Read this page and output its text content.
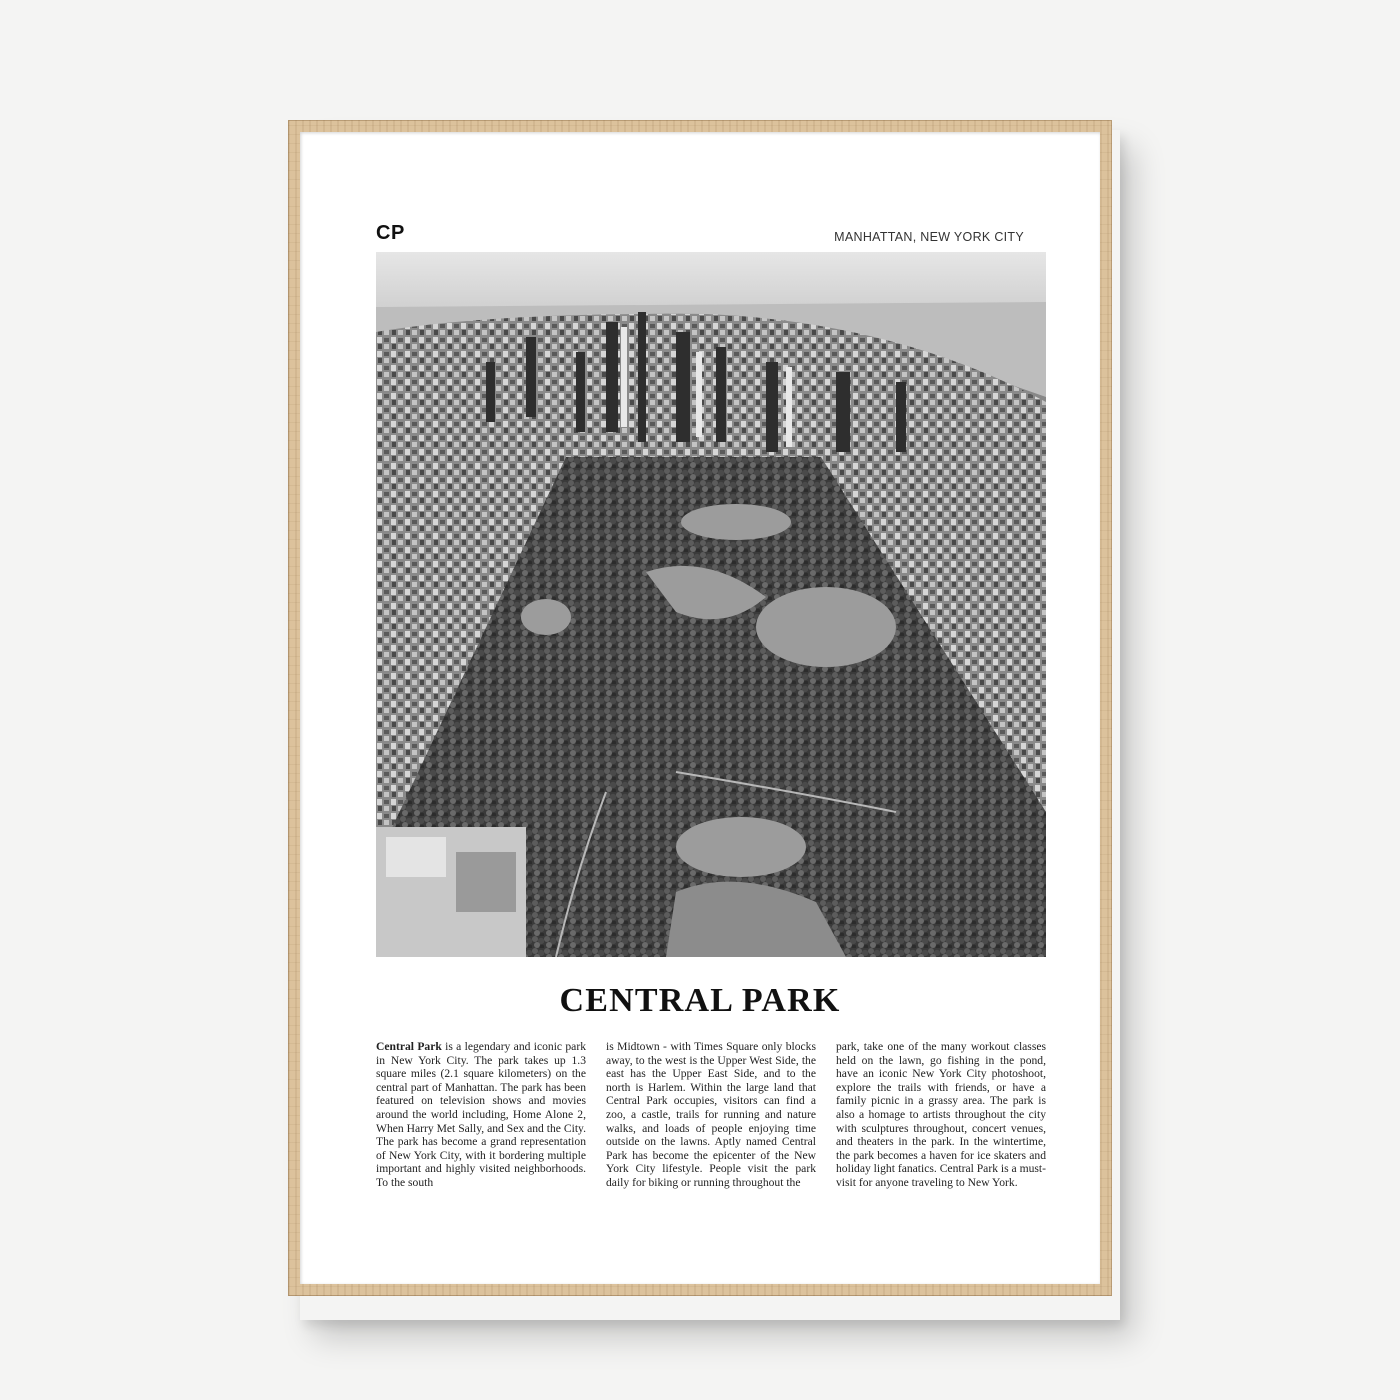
CP	MANHATTAN, NEW YORK CITY
CENTRAL PARK
Central Park is a legendary and iconic park in New York City. The park takes up 1.3 square miles (2.1 square kilometers) on the central part of Manhattan. The park has been featured on television shows and movies around the world including, Home Alone 2, When Harry Met Sally, and Sex and the City. The park has become a grand representation of New York City, with it bordering multiple important and highly visited neighborhoods. To the south
is Midtown - with Times Square only blocks away, to the west is the Upper West Side, the east has the Upper East Side, and to the north is Harlem. Within the large land that Central Park occupies, visitors can find a zoo, a castle, trails for running and nature walks, and loads of people enjoying time outside on the lawns. Aptly named Central Park has become the epicenter of the New York City lifestyle. People visit the park daily for biking or running throughout the
park, take one of the many workout classes held on the lawn, go fishing in the pond, have an iconic New York City photoshoot, explore the trails with friends, or have a family picnic in a grassy area. The park is also a homage to artists throughout the city with sculptures throughout, concert venues, and theaters in the park. In the wintertime, the park becomes a haven for ice skaters and holiday light fanatics. Central Park is a must-visit for anyone traveling to New York.
